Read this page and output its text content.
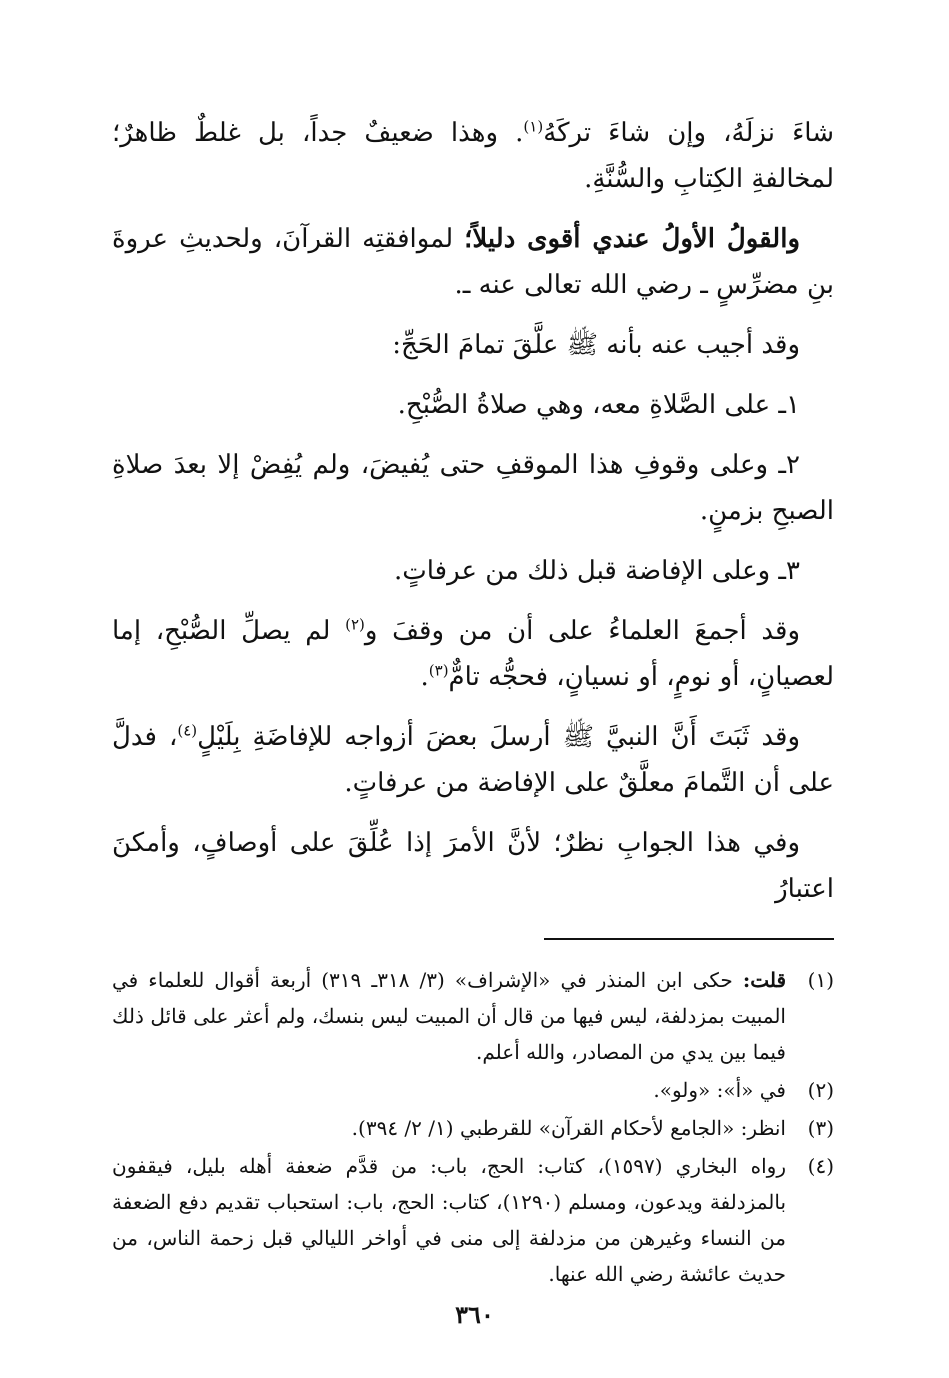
شاءَ نزلَهُ، وإن شاءَ تركَهُ$^{(١)}$. وهذا ضعيفٌ جداً، بل غلطٌ ظاهرٌ؛ لمخالفةِ الكِتابِ والسُّنَّةِ.

والقولُ الأولُ عندي أقوى دليلاً؛ لموافقتِه القرآنَ، ولحديثِ عروةَ بنِ مضرِّسٍ ـ رضي الله تعالى عنه ـ.

وقد أجيب عنه بأنه ﷺ علَّقَ تمامَ الحَجِّ:

١ـ على الصَّلاةِ معه، وهي صلاةُ الصُّبْحِ.

٢ـ وعلى وقوفِ هذا الموقفِ حتى يُفيضَ، ولم يُفِضْ إلا بعدَ صلاةِ الصبحِ بزمنٍ.

٣ـ وعلى الإفاضة قبل ذلك من عرفاتٍ.

وقد أجمعَ العلماءُ على أن من وقفَ و$^{(٢)}$ لم يصلِّ الصُّبْحِ، إما لعصيانٍ، أو نومٍ، أو نسيانٍ، فحجُّه تامٌّ$^{(٣)}$.

وقد ثَبَتَ أَنَّ النبيَّ ﷺ أرسلَ بعضَ أزواجه للإفاضَةِ بِلَيْلٍ$^{(٤)}$، فدلَّ على أن التَّمامَ معلَّقٌ على الإفاضة من عرفاتٍ.

وفي هذا الجوابِ نظرٌ؛ لأنَّ الأمرَ إذا عُلِّقَ على أوصافٍ، وأمكنَ اعتبارُ

(١)
قلت: حكى ابن المنذر في «الإشراف» (٣/ ٣١٨ـ ٣١٩) أربعة أقوال للعلماء في المبيت بمزدلفة، ليس فيها من قال أن المبيت ليس بنسك، ولم أعثر على قائل ذلك فيما بين يدي من المصادر، والله أعلم.
(٢)
في «أ»: «ولو».
(٣)
انظر: «الجامع لأحكام القرآن» للقرطبي (١/ ٢/ ٣٩٤).
(٤)
رواه البخاري (١٥٩٧)، كتاب: الحج، باب: من قدَّم ضعفة أهله بليل، فيقفون بالمزدلفة ويدعون، ومسلم (١٢٩٠)، كتاب: الحج، باب: استحباب تقديم دفع الضعفة من النساء وغيرهن من مزدلفة إلى منى في أواخر الليالي قبل زحمة الناس، من حديث عائشة رضي الله عنها.
٣٦٠
